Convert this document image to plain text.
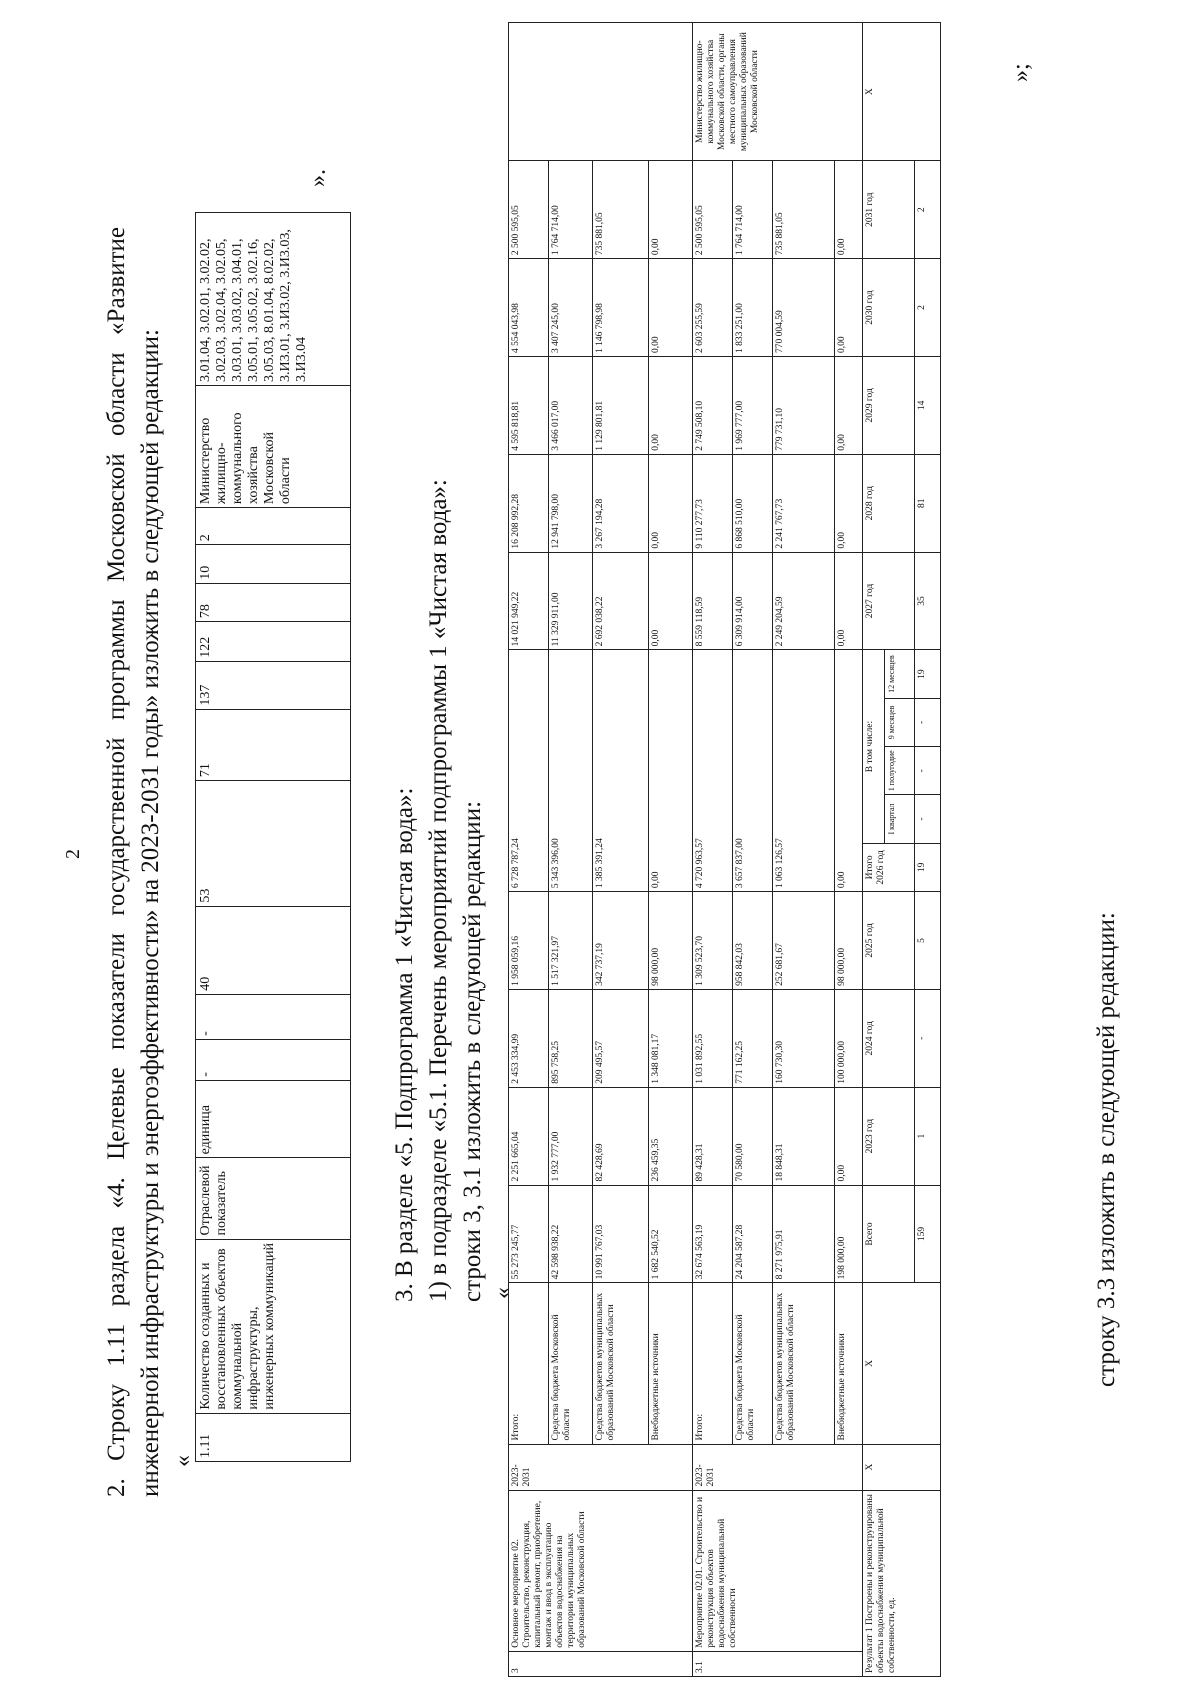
2 2. Строку 1.11 раздела «4. Целевые показатели государственной программы Московской области «Развитие инженерной инфраструктуры и энергоэффективности» на 2023-2031 годы» изложить в следующей редакции: «
1.11	Количество созданных и восстановленных объектов коммунальной инфраструктуры, инженерных коммуникаций	Отраслевой показатель	единица	-	-	40	53	71	137	122	78	10	2	Министерство жилищно-коммунального хозяйства Московской области	3.01.04, 3.02.01, 3.02.02, 3.02.03, 3.02.04, 3.02.05, 3.03.01, 3.03.02, 3.04.01, 3.05.01, 3.05.02, 3.02.16, 3.05.03, 8.01.04, 8.02.02, 3.И3.01, 3.И3.02, 3.И3.03, 3.И3.04
».
3. В разделе «5. Подпрограмма 1 «Чистая вода»: 1) в подразделе «5.1. Перечень мероприятий подпрограммы 1 «Чистая вода»: строки 3, 3.1 изложить в следующей редакции: «
3	Основное мероприятие 02. Строительство, реконструкция, капитальный ремонт, приобретение, монтаж и ввод в эксплуатацию объектов водоснабжения на территории муниципальных образований Московской области	2023-2031	Итого:	55 273 245,77	2 251 665,04	2 453 334,99	1 958 059,16	6 728 787,24					14 021 949,22	16 208 992,28	4 595 818,81	4 554 043,98	2 500 595,05	
			Средства бюджета Московской области	42 598 938,22	1 932 777,00	895 758,25	1 517 321,97	5 343 396,00					11 329 911,00	12 941 798,00	3 466 017,00	3 407 245,00	1 764 714,00	
			Средства бюджетов муниципальных образований Московской области	10 991 767,03	82 428,69	209 495,57	342 737,19	1 385 391,24					2 692 038,22	3 267 194,28	1 129 801,81	1 146 798,98	735 881,05	
			Внебюджетные источники	1 682 540,52	236 459,35	1 348 081,17	98 000,00	0,00					0,00	0,00	0,00	0,00	0,00	
3.1	Мероприятие 02.01. Строительство и реконструкция объектов водоснабжения муниципальной собственности	2023-2031	Итого:	32 674 563,19	89 428,31	1 031 892,55	1 309 523,70	4 720 963,57					8 559 118,59	9 110 277,73	2 749 508,10	2 603 255,59	2 500 595,05	Министерство жилищно-коммунального хозяйства Московской области, органы местного самоуправления муниципальных образований Московской области
			Средства бюджета Московской области	24 204 587,28	70 580,00	771 162,25	958 842,03	3 657 837,00					6 309 914,00	6 868 510,00	1 969 777,00	1 833 251,00	1 764 714,00	
			Средства бюджетов муниципальных образований Московской области	8 271 975,91	18 848,31	160 730,30	252 681,67	1 063 126,57					2 249 204,59	2 241 767,73	779 731,10	770 004,59	735 881,05	
			Внебюджетные источники	198 000,00	0,00	100 000,00	98 000,00	0,00					0,00	0,00	0,00	0,00	0,00	
Результат 1 Построены и реконструированы объекты водоснабжения муниципальной собственности, ед.		X	X	Всего	2023 год	2024 год	2025 год	Итого 2026 год	В том числе:				2027 год	2028 год	2029 год	2030 год	2031 год	X
									I квартал	1 полугодие	9 месяцев	12 месяцев						
				159	1	-	5	19	-	-	-	19	35	81	14	2	2	
»;
строку 3.3 изложить в следующей редакции:
